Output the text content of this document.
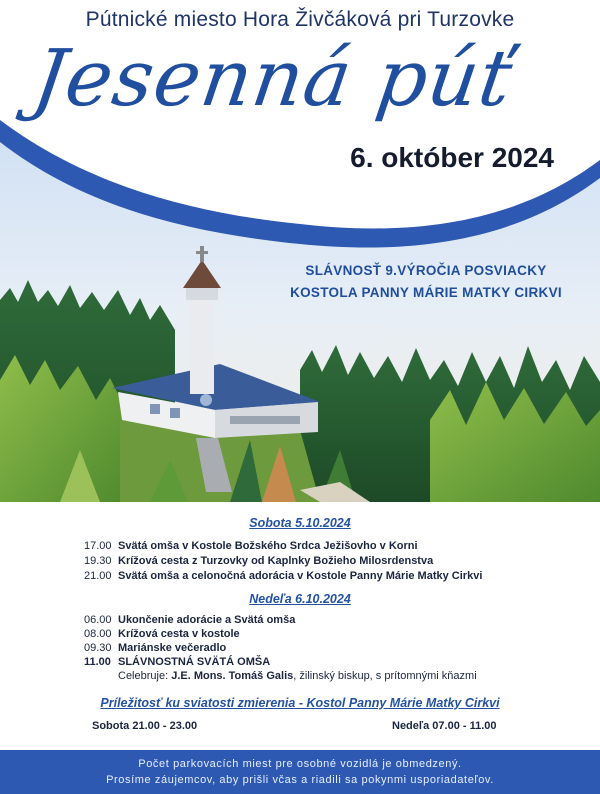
Pútnické miesto Hora Živčáková pri Turzovke
Jesenná púť
6. október 2024
SLÁVNOSŤ 9.VÝROČIA POSVIACKY
KOSTOLA PANNY MÁRIE MATKY CIRKVI
Sobota 5.10.2024
17.00 Svätá omša v Kostole Božského Srdca Ježišovho v Korni
19.30 Krížová cesta z Turzovky od Kaplnky Božieho Milosrdenstva
21.00 Svätá omša a celonočná adorácia v Kostole Panny Márie Matky Cirkvi
Nedeľa 6.10.2024
06.00 Ukončenie adorácie a Svätá omša
08.00 Krížová cesta v kostole
09.30 Mariánske večeradlo
11.00 SLÁVNOSTNÁ SVÄTÁ OMŠA
Celebruje: J.E. Mons. Tomáš Galis, žilinský biskup, s prítomnými kňazmi
Príležitosť ku sviatosti zmierenia - Kostol Panny Márie Matky Cirkvi
Sobota 21.00 - 23.00	Nedeľa 07.00 - 11.00
Počet parkovacích miest pre osobné vozidlá je obmedzený.
Prosíme záujemcov, aby prišli včas a riadili sa pokynmi usporiadateľov.
